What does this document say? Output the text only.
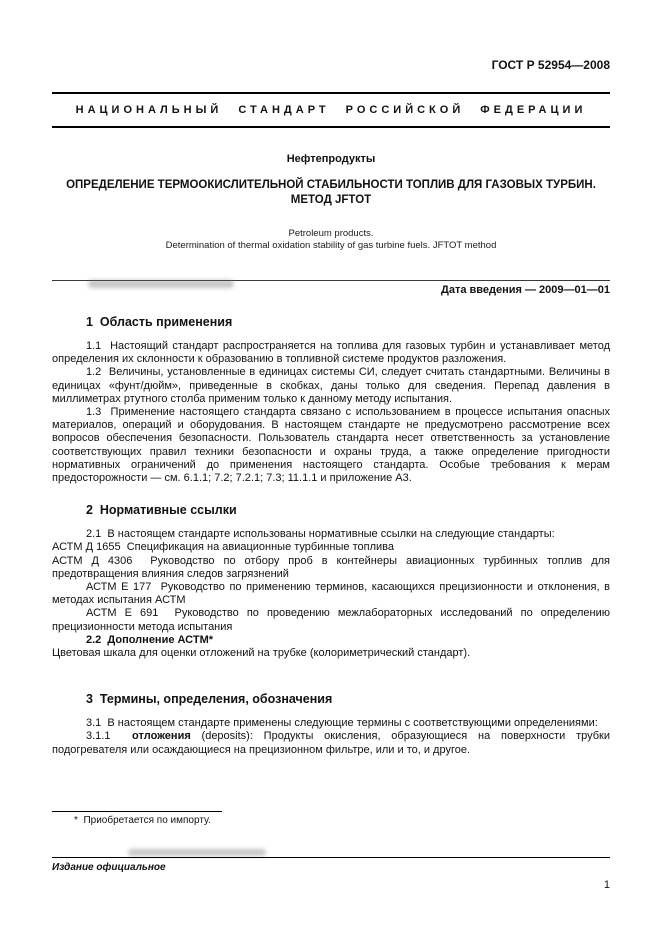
ГОСТ Р 52954—2008
НАЦИОНАЛЬНЫЙ СТАНДАРТ РОССИЙСКОЙ ФЕДЕРАЦИИ
Нефтепродукты
ОПРЕДЕЛЕНИЕ ТЕРМООКИСЛИТЕЛЬНОЙ СТАБИЛЬНОСТИ ТОПЛИВ ДЛЯ ГАЗОВЫХ ТУРБИН.
МЕТОД JFTOT
Petroleum products.
Determination of thermal oxidation stability of gas turbine fuels. JFTOT method
Дата введения — 2009—01—01
1  Область применения

1.1  Настоящий стандарт распространяется на топлива для газовых турбин и устанавливает метод определения их склонности к образованию в топливной системе продуктов разложения.

1.2  Величины, установленные в единицах системы СИ, следует считать стандартными. Величины в единицах «фунт/дюйм», приведенные в скобках, даны только для сведения. Перепад давления в миллиметрах ртутного столба применим только к данному методу испытания.

1.3  Применение настоящего стандарта связано с использованием в процессе испытания опасных материалов, операций и оборудования. В настоящем стандарте не предусмотрено рассмотрение всех вопросов обеспечения безопасности. Пользователь стандарта несет ответственность за установление соответствующих правил техники безопасности и охраны труда, а также определение пригодности нормативных ограничений до применения настоящего стандарта. Особые требования к мерам предосторожности — см. 6.1.1; 7.2; 7.2.1; 7.3; 11.1.1 и приложение А3.

2  Нормативные ссылки

2.1  В настоящем стандарте использованы нормативные ссылки на следующие стандарты:

АСТМ Д 1655  Спецификация на авиационные турбинные топлива

АСТМ Д 4306  Руководство по отбору проб в контейнеры авиационных турбинных топлив для предотвращения влияния следов загрязнений

АСТМ Е 177  Руководство по применению терминов, касающихся прецизионности и отклонения, в методах испытания АСТМ

АСТМ Е 691  Руководство по проведению межлабораторных исследований по определению прецизионности метода испытания

2.2  Дополнение АСТМ*

Цветовая шкала для оценки отложений на трубке (колориметрический стандарт).

3  Термины, определения, обозначения

3.1  В настоящем стандарте применены следующие термины с соответствующими определениями:

3.1.1  отложения (deposits): Продукты окисления, образующиеся на поверхности трубки подогревателя или осаждающиеся на прецизионном фильтре, или и то, и другое.

*  Приобретается по импорту.
Издание официальное
1
